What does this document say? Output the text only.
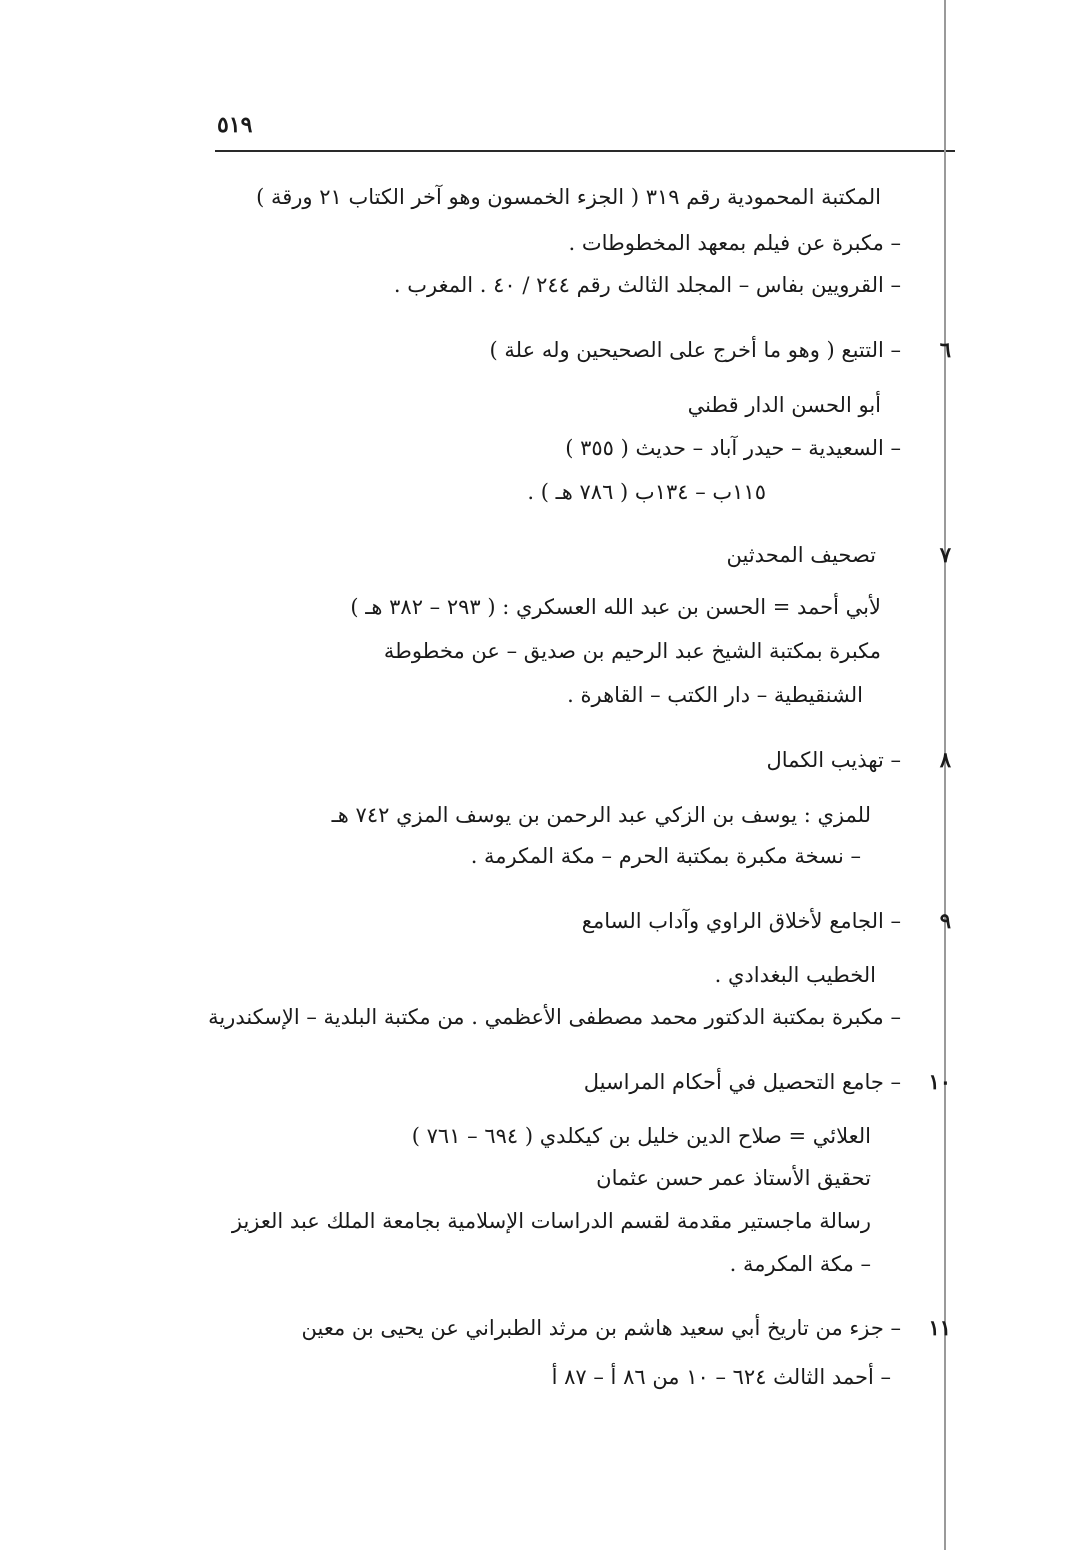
٥١٩
المكتبة المحمودية رقم ٣١٩ ( الجزء الخمسون وهو آخر الكتاب ٢١ ورقة )
– مكبرة عن فيلم بمعهد المخطوطات .
– القرويين بفاس – المجلد الثالث رقم ٢٤٤ / ٤٠ . المغرب .
٦
– التتبع ( وهو ما أخرج على الصحيحين وله علة )
أبو الحسن الدار قطني
– السعيدية – حيدر آباد – حديث ( ٣٥٥ )
١١٥ب – ١٣٤ب ( ٧٨٦ هـ ) .
٧
تصحيف المحدثين
لأبي أحمد = الحسن بن عبد الله العسكري : ( ٢٩٣ – ٣٨٢ هـ )
مكبرة بمكتبة الشيخ عبد الرحيم بن صديق – عن مخطوطة
الشنقيطية – دار الكتب – القاهرة .
٨
– تهذيب الكمال
للمزي : يوسف بن الزكي عبد الرحمن بن يوسف المزي ٧٤٢ هـ
– نسخة مكبرة بمكتبة الحرم – مكة المكرمة .
٩
– الجامع لأخلاق الراوي وآداب السامع
الخطيب البغدادي .
– مكبرة بمكتبة الدكتور محمد مصطفى الأعظمي . من مكتبة البلدية – الإسكندرية
١٠
– جامع التحصيل في أحكام المراسيل
العلائي = صلاح الدين خليل بن كيكلدي ( ٦٩٤ – ٧٦١ )
تحقيق الأستاذ عمر حسن عثمان
رسالة ماجستير مقدمة لقسم الدراسات الإسلامية بجامعة الملك عبد العزيز
– مكة المكرمة .
١١
– جزء من تاريخ أبي سعيد هاشم بن مرثد الطبراني عن يحيى بن معين
– أحمد الثالث ٦٢٤ – ١٠ من ٨٦ أ – ٨٧ أ
